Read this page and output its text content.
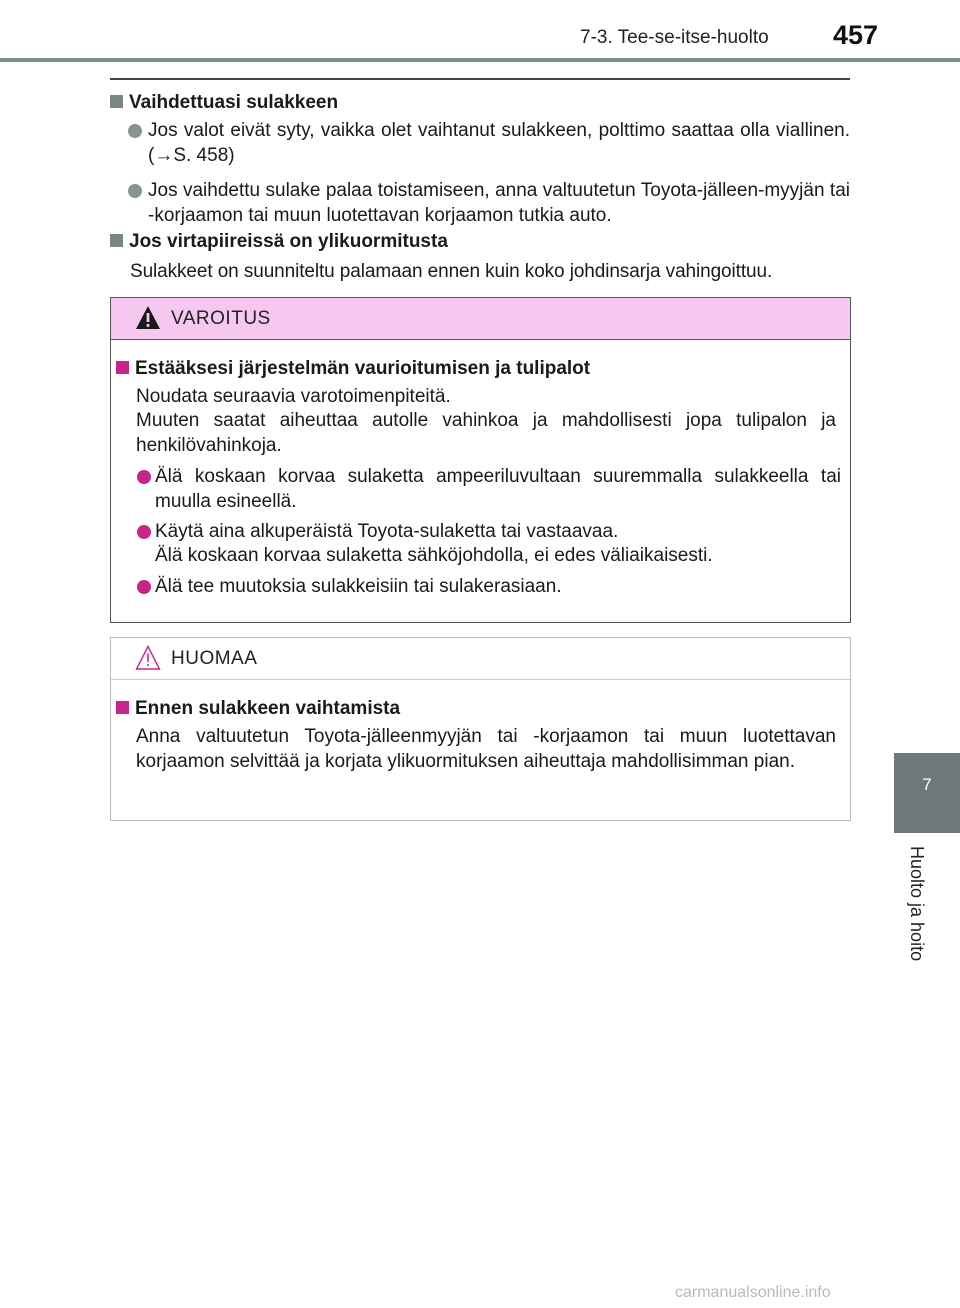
7-3. Tee-se-itse-huolto 457
7
Huolto ja hoito
Vaihdettuasi sulakkeen
Jos valot eivät syty, vaikka olet vaihtanut sulakkeen, polttimo saattaa olla viallinen. (→S. 458)
Jos vaihdettu sulake palaa toistamiseen, anna valtuutetun Toyota-jälleen-myyjän tai -korjaamon tai muun luotettavan korjaamon tutkia auto.
Jos virtapiireissä on ylikuormitusta
Sulakkeet on suunniteltu palamaan ennen kuin koko johdinsarja vahingoittuu.
VAROITUS
Estääksesi järjestelmän vaurioitumisen ja tulipalot
Noudata seuraavia varotoimenpiteitä.
Muuten saatat aiheuttaa autolle vahinkoa ja mahdollisesti jopa tulipalon ja henkilövahinkoja.
Älä koskaan korvaa sulaketta ampeeriluvultaan suuremmalla sulakkeella tai muulla esineellä.
Käytä aina alkuperäistä Toyota-sulaketta tai vastaavaa.
Älä koskaan korvaa sulaketta sähköjohdolla, ei edes väliaikaisesti.
Älä tee muutoksia sulakkeisiin tai sulakerasiaan.
HUOMAA
Ennen sulakkeen vaihtamista
Anna valtuutetun Toyota-jälleenmyyjän tai -korjaamon tai muun luotettavan korjaamon selvittää ja korjata ylikuormituksen aiheuttaja mahdollisimman pian.
carmanualsonline.info
